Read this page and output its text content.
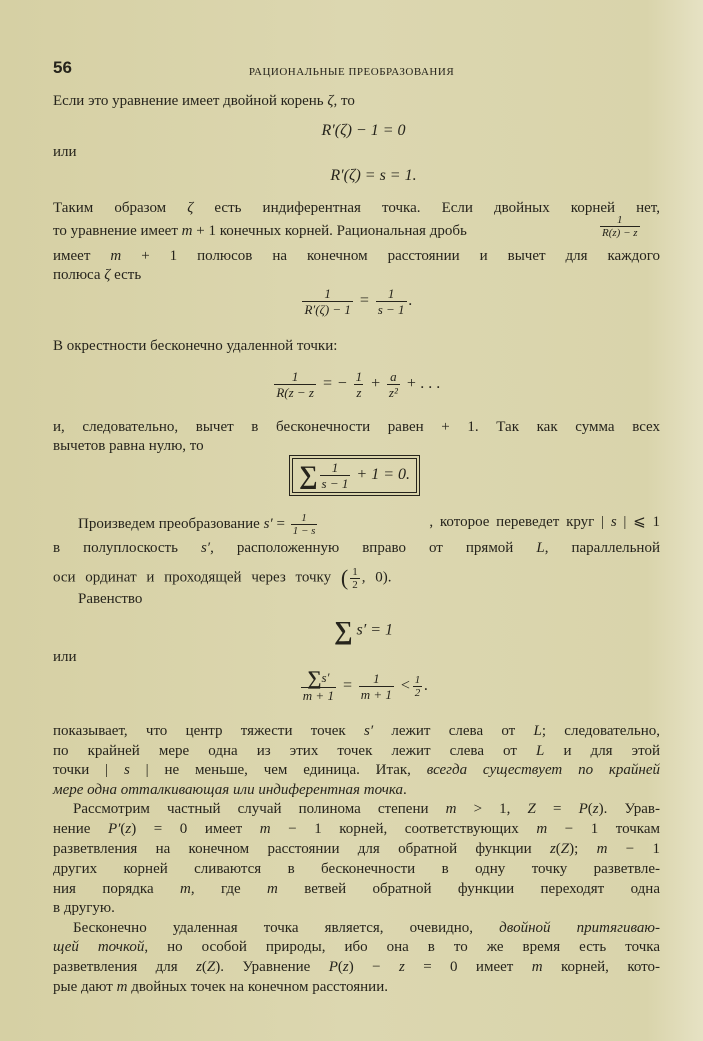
56	РАЦИОНАЛЬНЫЕ ПРЕОБРАЗОВАНИЯ
Если это уравнение имеет двойной корень ζ, то
R′(ζ) − 1 = 0
или
R′(ζ) = s = 1.
Таким образом ζ есть индиферентная точка. Если двойных корней нет,
то уравнение имеет m + 1 конечных корней. Рациональная дробь	$\frac{1}{R(z) - z}$
имеет m + 1 полюсов на конечном расстоянии и вычет для каждого
полюса ζ есть
$\frac{1}{R'(\zeta) - 1} = \frac{1}{s - 1}$ .
В окрестности бесконечно удаленной точки:
$\frac{1}{R(z - z}$ = − $\frac{1}{z} + \frac{a}{\text{z²}}$ + . . .
и, следовательно, вычет в бесконечности равен + 1. Так как сумма всех
вычетов равна нулю, то
∑ $\frac{1}{s - 1} + 1 = 0$.
Произведем преобразование $s' = \frac{1}{1 - s}$	, которое переведет круг | s | ⩽ 1
в полуплоскость s′, расположенную вправо от прямой L, параллельной
оси ординат и проходящей через точку ( $\frac{1}{2}$ , 0).
Равенство
∑ s′ = 1
или
$\frac{\sum s'}{m + 1} = \frac{1}{m + 1} < \frac{1}{2}$ .
показывает, что центр тяжести точек s′ лежит слева от L; следовательно,
по крайней мере одна из этих точек лежит слева от L и для этой
точки | s | не меньше, чем единица. Итак, всегда существует по крайней
мере одна отталкивающая или индиферентная точка.
Рассмотрим частный случай полинома степени m > 1, Z = P(z). Урав-
нение P′(z) = 0 имеет m − 1 корней, соответствующих m − 1 точкам
разветвления на конечном расстоянии для обратной функции z(Z); m − 1
других корней сливаются в бесконечности в одну точку разветвле-
ния порядка m, где m ветвей обратной функции переходят одна
в другую.
Бесконечно удаленная точка является, очевидно, двойной притягиваю-
щей точкой, но особой природы, ибо она в то же время есть точка
разветвления для z(Z). Уравнение P(z) − z = 0 имеет m корней, кото-
рые дают m двойных точек на конечном расстоянии.
